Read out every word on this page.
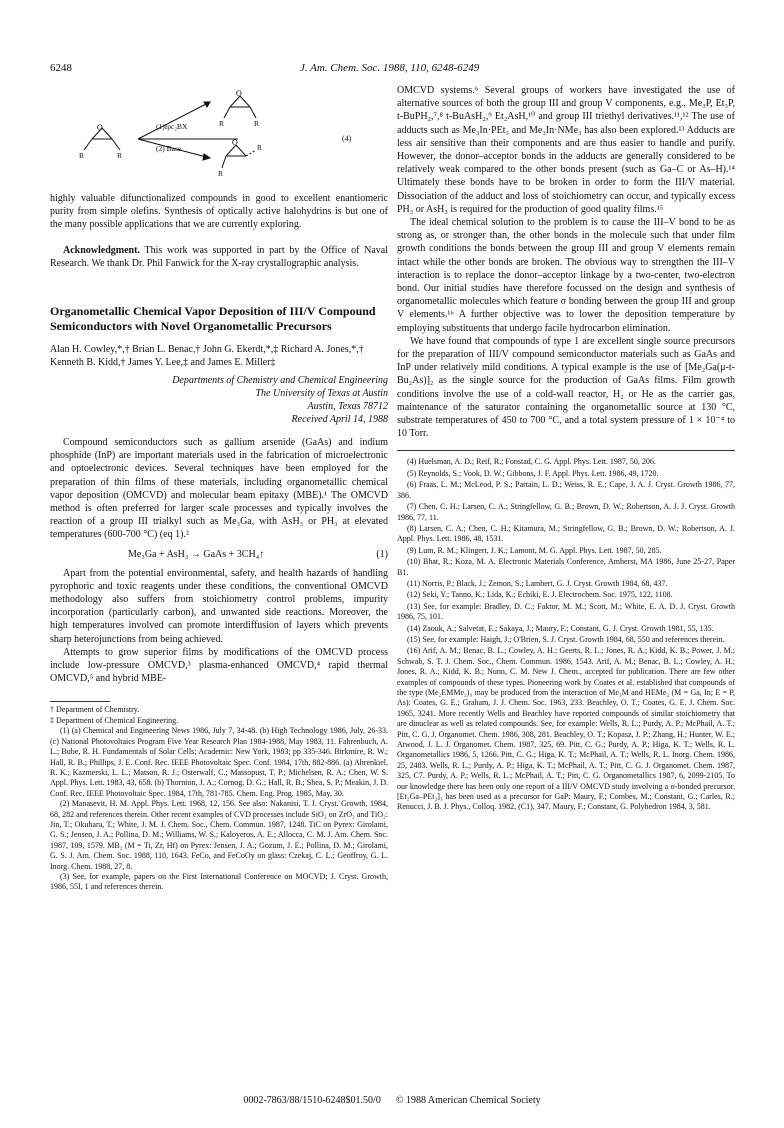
6248	J. Am. Chem. Soc. 1988, 110, 6248-6249
O
O
O
(1)Ipc₂BX
(2) Base
(4)
R	R
R	R
R
R

highly valuable difunctionalized compounds in good to excellent enantiomeric purity from simple olefins. Synthesis of optically active halohydrins is but one of the many possible applications that we are currently exploring.

Acknowledgment. This work was supported in part by the Office of Naval Research. We thank Dr. Phil Fanwick for the X-ray crystallographic analysis.

Organometallic Chemical Vapor Deposition of III/V Compound Semiconductors with Novel Organometallic Precursors
Alan H. Cowley,*,† Brian L. Benac,† John G. Ekerdt,*,‡ Richard A. Jones,*,† Kenneth B. Kidd,† James Y. Lee,‡ and James E. Miller‡
Departments of Chemistry and Chemical Engineering
The University of Texas at Austin
Austin, Texas 78712
Received April 14, 1988

Compound semiconductors such as gallium arsenide (GaAs) and indium phosphide (InP) are important materials used in the fabrication of microelectronic and optoelectronic devices. Several techniques have been employed for the preparation of thin films of these materials, including organometallic chemical vapor deposition (OMCVD) and molecular beam epitaxy (MBE).¹ The OMCVD method is often preferred for larger scale processes and typically involves the reaction of a group III trialkyl such as Me₃Ga, with AsH₃ or PH₃ at elevated temperatures (600-700 °C) (eq 1).²

Me₃Ga + AsH₃ → GaAs + 3CH₄↑	(1)

Apart from the potential environmental, safety, and health hazards of handling pyrophoric and toxic reagents under these conditions, the conventional OMCVD methodology also suffers from stoichiometry control problems, impurity incorporation (particularly carbon), and unwanted side reactions. Moreover, the high temperatures involved can promote interdiffusion of layers which prevents sharp heterojunctions from being achieved.

Attempts to grow superior films by modifications of the OMCVD process include low-pressure OMCVD,³ plasma-enhanced OMCVD,⁴ rapid thermal OMCVD,⁵ and hybrid MBE-

† Department of Chemistry.
‡ Department of Chemical Engineering.
(1) (a) Chemical and Engineering News 1986, July 7, 34-48. (b) High Technology 1986, July, 26-33. (c) National Photovoltaics Program Five Year Research Plan 1984-1988, May 1983, 11. Fahrenbuch, A. L.; Bube, R. H. Fundamentals of Solar Cells; Academic: New York, 1983; pp 335-346. Birkmire, R. W.; Hall, R. B.; Phillips, J. E. Conf. Rec. IEEE Photovoltaic Spec. Conf. 1984, 17th, 882-886. (a) Ahrenkiel, R. K.; Kazmerski, L. L.; Matson, R. J.; Osterwalf, C.; Massopust, T. P.; Michelsen, R. A.; Chen, W. S. Appl. Phys. Lett. 1983, 43, 658. (b) Thornton, J. A.; Cornog, D. G.; Hall, R. B.; Shea, S. P.; Meakin, J. D. Conf. Rec. IEEE Photovoltaic Spec. 1984, 17th, 781-785. Chem. Eng. Prog. 1985, May, 30.
(2) Manasevit, H. M. Appl. Phys. Lett. 1968, 12, 156. See also: Nakanisi, T. J. Cryst. Growth, 1984, 68, 282 and references therein. Other recent examples of CVD processes include SiO₂ on ZrO₂ and TiO₂: Jin, T.; Okuhara, T.; White, J. M. J. Chem. Soc., Chem. Commun. 1987, 1248. TiC on Pyrex: Girolami, G. S.; Jensen, J. A.; Pollina, D. M.; Williams, W. S.; Kaloyeros, A. E.; Allocca, C. M. J. Am. Chem. Soc. 1987, 109, 1579. MB₂ (M = Ti, Zr, Hf) on Pyrex: Jensen, J. A.; Gozum, J. E.; Pollina, D. M.; Girolami, G. S. J. Am. Chem. Soc. 1988, 110, 1643. FeCo, and FeCoOy on glass: Czekaj, C. L.; Geoffroy, G. L. Inorg. Chem. 1988, 27, 8.
(3) See, for example, papers on the First International Conference on MOCVD; J. Cryst. Growth, 1986, 55I, 1 and references therein.

OMCVD systems.⁶ Several groups of workers have investigated the use of alternative sources of both the group III and group V components, e.g., Me₃P, Et₃P, t-BuPH₂,⁷,⁸ t-BuAsH₂,⁹ Et₂AsH,¹⁰ and group III triethyl derivatives.¹¹,¹² The use of adducts such as Me₃In·PEt₃ and Me₃In·NMe₃ has also been explored.¹³ Adducts are less air sensitive than their components and are thus easier to handle and purify. However, the donor–acceptor bonds in the adducts are generally considered to be relatively weak compared to the other bonds present (such as Ga–C or As–H).¹⁴ Ultimately these bonds have to be broken in order to form the III/V material. Dissociation of the adduct and loss of stoichiometry can occur, and typically excess PH₃ or AsH₃ is required for the production of good quality films.¹⁵

The ideal chemical solution to the problem is to cause the III–V bond to be as strong as, or stronger than, the other bonds in the molecule such that under film growth conditions the bonds between the group III and group V elements remain intact while the other bonds are broken. The obvious way to strengthen the III–V interaction is to replace the donor–acceptor linkage by a two-center, two-electron bond. Our initial studies have therefore focussed on the design and synthesis of organometallic molecules which feature σ bonding between the group III and group V elements.¹⁶ A further objective was to lower the deposition temperature by employing substituents that undergo facile hydrocarbon elimination.

We have found that compounds of type 1 are excellent single source precursors for the preparation of III/V compound semiconductor materials such as GaAs and InP under relatively mild conditions. A typical example is the use of [Me₂Ga(μ-t-Bu₂As)]₂ as the single source for the production of GaAs films. Film growth conditions involve the use of a cold-wall reactor, H₂ or He as the carrier gas, maintenance of the saturator containing the organometallic source at 130 °C, substrate temperatures of 450 to 700 °C, and a total system pressure of 1 × 10⁻⁴ to 10 Torr.

(4) Huelsman, A. D.; Reif, R.; Fonstad, C. G. Appl. Phys. Lett. 1987, 50, 206.
(5) Reynolds, S.; Vook, D. W.; Gibbons, J. F. Appl. Phys. Lett. 1986, 49, 1720.
(6) Fraas, L. M.; McLeod, P. S.; Partain, L. D.; Weiss, R. E.; Cape, J. A. J. Cryst. Growth 1986, 77, 386.
(7) Chen, C. H.; Larsen, C. A.; Stringfellow, G. B.; Brown, D. W.; Robertson, A. J. J. Cryst. Growth 1986, 77, 11.
(8) Larsen, C. A.; Chen, C. H.; Kitamura, M.; Stringfellow, G. B.; Brown, D. W.; Robertson, A. J. Appl. Phys. Lett. 1986, 48, 1531.
(9) Lum, R. M.; Klingert, J. K.; Lamont, M. G. Appl. Phys. Lett. 1987, 50, 285.
(10) Bhat, R.; Koza, M. A. Electronic Materials Conference, Amherst, MA 1986, June 25-27, Paper B1.
(11) Norris, P.; Black, J.; Zemon, S.; Lambert, G. J. Cryst. Growth 1984, 68, 437.
(12) Seki, Y.; Tanno, K.; Lida, K.; Echiki, E. J. Electrochem. Soc. 1975, 122, 1108.
(13) See, for example: Bradley, D. C.; Faktor, M. M.; Scott, M.; White, E. A. D. J. Cryst. Growth 1986, 75, 101.
(14) Zaouk, A.; Salvetat, E.; Sakaya, J.; Maury, F.; Constant, G. J. Cryst. Growth 1981, 55, 135.
(15) See, for example: Haigh, J.; O'Brien, S. J. Cryst. Growth 1984, 68, 550 and references therein.
(16) Arif, A. M.; Benac, B. L.; Cowley, A. H.; Geerts, R. L.; Jones, R. A.; Kidd, K. B.; Power, J. M.; Schwab, S. T. J. Chem. Soc., Chem. Commun. 1986, 1543. Arif, A. M.; Benac, B. L.; Cowley, A. H.; Jones, R. A.; Kidd, K. B.; Nunn, C. M. New J. Chem., accepted for publication. There are few other examples of compounds of these types. Pioneering work by Coates et al. established that compounds of the type (Me₂EMMe₂)₃ may be produced from the interaction of Me₃M and HEMe₂ (M = Ga, In; E = P, As): Coates, G. E.; Graham, J. J. Chem. Soc. 1963, 233. Beachley, O. T.; Coates, G. E. J. Chem. Soc. 1965, 3241. More recently Wells and Beachley have reported compounds of similar stoichiometry that are dinuclear as well as related compounds. See, for example: Wells, R. L.; Purdy, A. P.; McPhail, A. T.; Pitt, C. G. J. Organomet. Chem. 1986, 308, 281. Beachley, O. T.; Kopasz, J. P.; Zhang, H.; Hunter, W. E.; Atwood, J. L. J. Organomet. Chem. 1987, 325, 69. Pitt, C. G.; Purdy, A. P.; Higa, K. T.; Wells, R. L. Organometallics 1986, 5, 1266. Pitt, C. G.; Higa, K. T.; McPhail, A. T.; Wells, R. L. Inorg. Chem. 1986, 25, 2483. Wells, R. L.; Purdy, A. P.; Higa, K. T.; McPhail, A. T.; Pitt, C. G. J. Organomet. Chem. 1987, 325, C7. Purdy, A. P.; Wells, R. L.; McPhail, A. T.; Pitt, C. G. Organometallics 1987, 6, 2099-2105. To our knowledge there has been only one report of a III/V OMCVD study involving a σ-bonded precursor. [Et₂Ga–PEt₂]₃ has been used as a precursor for GaP: Maury, F.; Combes, M.; Constant, G.; Carles, R.; Renucci, J. B. J. Phys., Colloq. 1982, (C1), 347. Maury, F.; Constant, G. Polyhedron 1984, 3, 581.
0002-7863/88/1510-6248$01.50/0 © 1988 American Chemical Society
